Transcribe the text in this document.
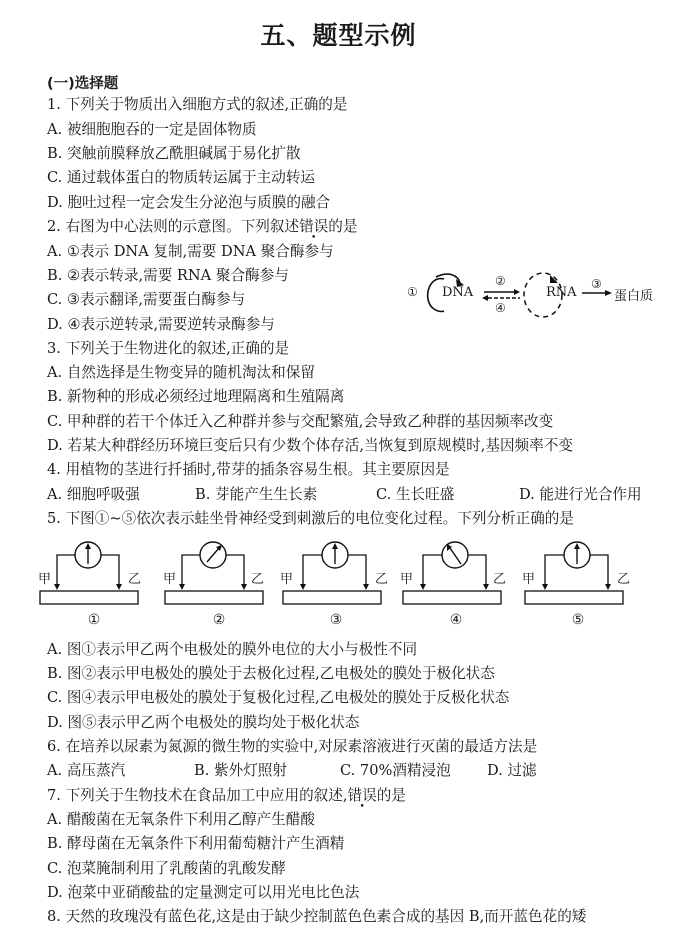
五、题型示例
(一)选择题
1. 下列关于物质出入细胞方式的叙述,正确的是
A. 被细胞胞吞的一定是固体物质
B. 突触前膜释放乙酰胆碱属于易化扩散
C. 通过载体蛋白的物质转运属于主动转运
D. 胞吐过程一定会发生分泌泡与质膜的融合
2. 右图为中心法则的示意图。下列叙述错误的是
A. ①表示 DNA 复制,需要 DNA 聚合酶参与
B. ②表示转录,需要 RNA 聚合酶参与
C. ③表示翻译,需要蛋白酶参与
D. ④表示逆转录,需要逆转录酶参与
① DNA
②
④
RNA
③
蛋白质
3. 下列关于生物进化的叙述,正确的是
A. 自然选择是生物变异的随机淘汰和保留
B. 新物种的形成必须经过地理隔离和生殖隔离
C. 甲种群的若干个体迁入乙种群并参与交配繁殖,会导致乙种群的基因频率改变
D. 若某大种群经历环境巨变后只有少数个体存活,当恢复到原规模时,基因频率不变
4. 用植物的茎进行扦插时,带芽的插条容易生根。其主要原因是
A. 细胞呼吸强	B. 芽能产生生长素	C. 生长旺盛	D. 能进行光合作用
5. 下图①~⑤依次表示蛙坐骨神经受到刺激后的电位变化过程。下列分析正确的是
甲	乙
①
甲	乙
②
甲	乙
③
甲	乙
④
甲	乙
⑤
A. 图①表示甲乙两个电极处的膜外电位的大小与极性不同
B. 图②表示甲电极处的膜处于去极化过程,乙电极处的膜处于极化状态
C. 图④表示甲电极处的膜处于复极化过程,乙电极处的膜处于反极化状态
D. 图⑤表示甲乙两个电极处的膜均处于极化状态
6. 在培养以尿素为氮源的微生物的实验中,对尿素溶液进行灭菌的最适方法是
A. 高压蒸汽	B. 紫外灯照射	C. 70%酒精浸泡 D. 过滤
7. 下列关于生物技术在食品加工中应用的叙述,错误的是
A. 醋酸菌在无氧条件下利用乙醇产生醋酸
B. 酵母菌在无氧条件下利用葡萄糖汁产生酒精
C. 泡菜腌制利用了乳酸菌的乳酸发酵
D. 泡菜中亚硝酸盐的定量测定可以用光电比色法
8. 天然的玫瑰没有蓝色花,这是由于缺少控制蓝色色素合成的基因 B,而开蓝色花的矮
